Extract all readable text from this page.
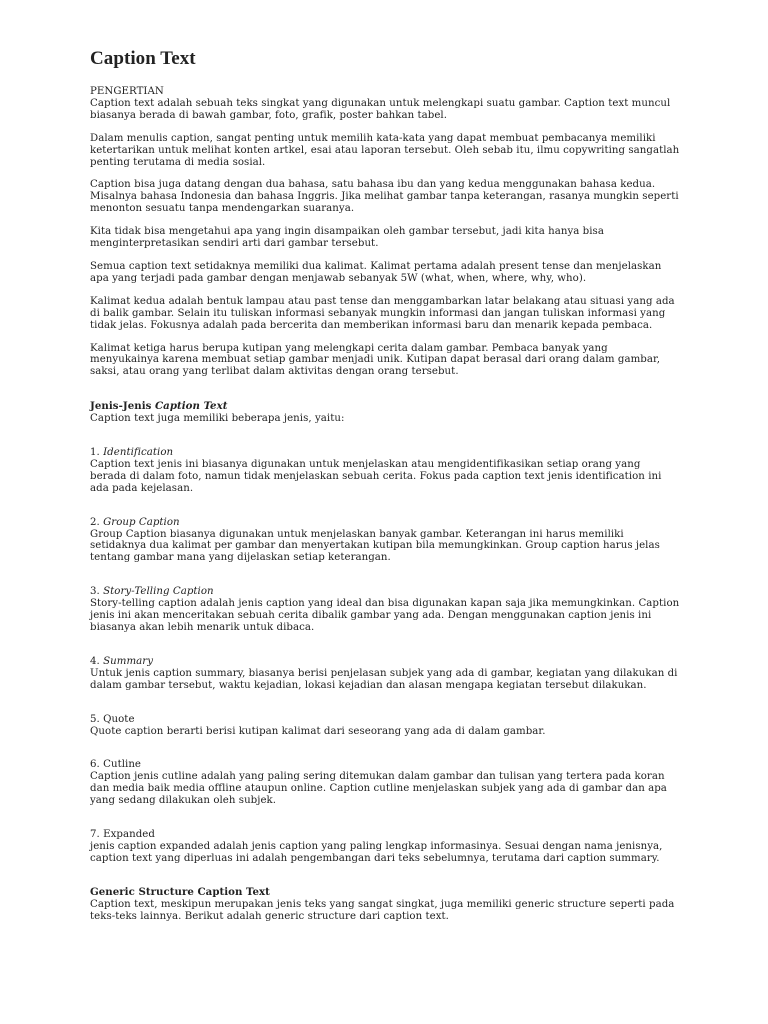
Caption Text
PENGERTIAN

Caption text adalah sebuah teks singkat yang digunakan untuk melengkapi suatu gambar. Caption text muncul biasanya berada di bawah gambar, foto, grafik, poster bahkan tabel.

Dalam menulis caption, sangat penting untuk memilih kata-kata yang dapat membuat pembacanya memiliki ketertarikan untuk melihat konten artkel, esai atau laporan tersebut. Oleh sebab itu, ilmu copywriting sangatlah penting terutama di media sosial.

Caption bisa juga datang dengan dua bahasa, satu bahasa ibu dan yang kedua menggunakan bahasa kedua. Misalnya bahasa Indonesia dan bahasa Inggris. Jika melihat gambar tanpa keterangan, rasanya mungkin seperti menonton sesuatu tanpa mendengarkan suaranya.

Kita tidak bisa mengetahui apa yang ingin disampaikan oleh gambar tersebut, jadi kita hanya bisa menginterpretasikan sendiri arti dari gambar tersebut.

Semua caption text setidaknya memiliki dua kalimat. Kalimat pertama adalah present tense dan menjelaskan apa yang terjadi pada gambar dengan menjawab sebanyak 5W (what, when, where, why, who).

Kalimat kedua adalah bentuk lampau atau past tense dan menggambarkan latar belakang atau situasi yang ada di balik gambar. Selain itu tuliskan informasi sebanyak mungkin informasi dan jangan tuliskan informasi yang tidak jelas. Fokusnya adalah pada bercerita dan memberikan informasi baru dan menarik kepada pembaca.

Kalimat ketiga harus berupa kutipan yang melengkapi cerita dalam gambar. Pembaca banyak yang menyukainya karena membuat setiap gambar menjadi unik. Kutipan dapat berasal dari orang dalam gambar, saksi, atau orang yang terlibat dalam aktivitas dengan orang tersebut.

Jenis-Jenis Caption Text

Caption text juga memiliki beberapa jenis, yaitu:

1. Identification

Caption text jenis ini biasanya digunakan untuk menjelaskan atau mengidentifikasikan setiap orang yang berada di dalam foto, namun tidak menjelaskan sebuah cerita. Fokus pada caption text jenis identification ini ada pada kejelasan.

2. Group Caption

Group Caption biasanya digunakan untuk menjelaskan banyak gambar. Keterangan ini harus memiliki setidaknya dua kalimat per gambar dan menyertakan kutipan bila memungkinkan. Group caption harus jelas tentang gambar mana yang dijelaskan setiap keterangan.

3. Story-Telling Caption

Story-telling caption adalah jenis caption yang ideal dan bisa digunakan kapan saja jika memungkinkan. Caption jenis ini akan menceritakan sebuah cerita dibalik gambar yang ada. Dengan menggunakan caption jenis ini biasanya akan lebih menarik untuk dibaca.

4. Summary

Untuk jenis caption summary, biasanya berisi penjelasan subjek yang ada di gambar, kegiatan yang dilakukan di dalam gambar tersebut, waktu kejadian, lokasi kejadian dan alasan mengapa kegiatan tersebut dilakukan.

5. Quote

Quote caption berarti berisi kutipan kalimat dari seseorang yang ada di dalam gambar.

6. Cutline

Caption jenis cutline adalah yang paling sering ditemukan dalam gambar dan tulisan yang tertera pada koran dan media baik media offline ataupun online. Caption cutline menjelaskan subjek yang ada di gambar dan apa yang sedang dilakukan oleh subjek.

7. Expanded

jenis caption expanded adalah jenis caption yang paling lengkap informasinya. Sesuai dengan nama jenisnya, caption text yang diperluas ini adalah pengembangan dari teks sebelumnya, terutama dari caption summary.

Generic Structure Caption Text

Caption text, meskipun merupakan jenis teks yang sangat singkat, juga memiliki generic structure seperti pada teks-teks lainnya. Berikut adalah generic structure dari caption text.
